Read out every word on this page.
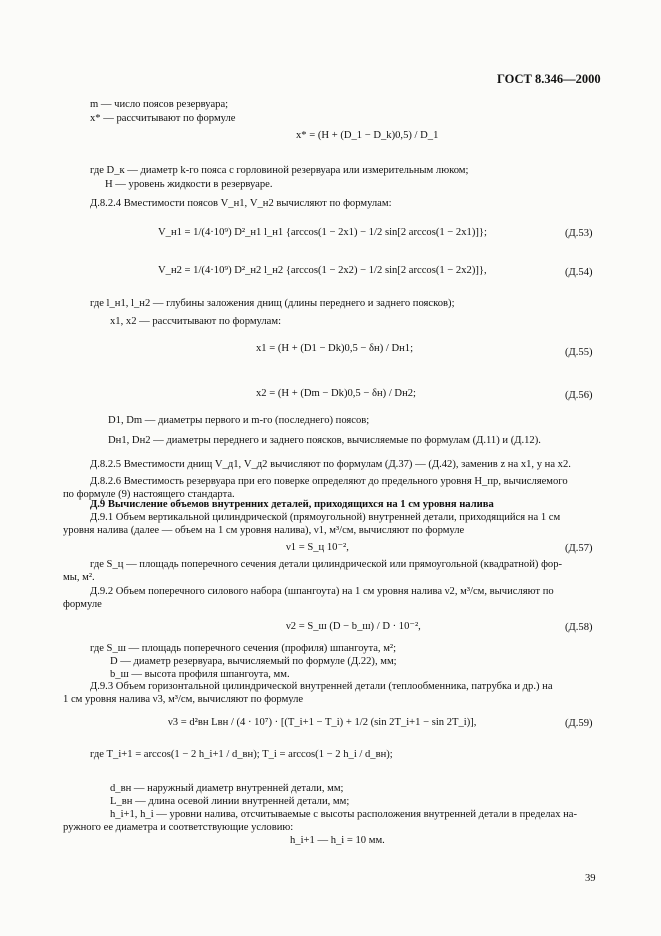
ГОСТ 8.346—2000
m — число поясов резервуара;
x* — рассчитывают по формуле
x* = (H + (D_1 − D_k)0,5) / D_1
где D_к — диаметр k-го пояса с горловиной резервуара или измерительным люком;
H — уровень жидкости в резервуаре.
Д.8.2.4 Вместимости поясов V_н1, V_н2 вычисляют по формулам:
V_н1 = 1/(4·10⁹) D²_н1 l_н1 {arccos(1 − 2x1) − 1/2 sin[2 arccos(1 − 2x1)]};	(Д.53)
V_н2 = 1/(4·10⁹) D²_н2 l_н2 {arccos(1 − 2x2) − 1/2 sin[2 arccos(1 − 2x2)]},	(Д.54)
где l_н1, l_н2 — глубины заложения днищ (длины переднего и заднего поясков);
x1, x2 — рассчитывают по формулам:
x1 = (H + (D1 − Dk)0,5 − δн) / Dн1;	(Д.55)
x2 = (H + (Dm − Dk)0,5 − δн) / Dн2;	(Д.56)
D1, Dm — диаметры первого и m-го (последнего) поясов;
Dн1, Dн2 — диаметры переднего и заднего поясков, вычисляемые по формулам (Д.11) и (Д.12).
Д.8.2.5 Вместимости днищ V_д1, V_д2 вычисляют по формулам (Д.37) — (Д.42), заменив z на x1, y на x2.
Д.8.2.6 Вместимость резервуара при его поверке определяют до предельного уровня H_пр, вычисляемого
по формуле (9) настоящего стандарта.
Д.9 Вычисление объемов внутренних деталей, приходящихся на 1 см уровня налива
Д.9.1 Объем вертикальной цилиндрической (прямоугольной) внутренней детали, приходящийся на 1 см
уровня налива (далее — объем на 1 см уровня налива), ν1, м³/см, вычисляют по формуле
ν1 = S_ц 10⁻²,	(Д.57)
где S_ц — площадь поперечного сечения детали цилиндрической или прямоугольной (квадратной) фор-
мы, м².
Д.9.2 Объем поперечного силового набора (шпангоута) на 1 см уровня налива ν2, м³/см, вычисляют по
формуле
ν2 = S_ш (D − b_ш) / D · 10⁻²,	(Д.58)
где S_ш — площадь поперечного сечения (профиля) шпангоута, м²;
D — диаметр резервуара, вычисляемый по формуле (Д.22), мм;
b_ш — высота профиля шпангоута, мм.
Д.9.3 Объем горизонтальной цилиндрической внутренней детали (теплообменника, патрубка и др.) на
1 см уровня налива ν3, м³/см, вычисляют по формуле
ν3 = d²вн Lвн / (4 · 10⁷) · [(T_i+1 − T_i) + 1/2 (sin 2T_i+1 − sin 2T_i)],	(Д.59)
где T_i+1 = arccos(1 − 2 h_i+1 / d_вн); T_i = arccos(1 − 2 h_i / d_вн);
d_вн — наружный диаметр внутренней детали, мм;
L_вн — длина осевой линии внутренней детали, мм;
h_i+1, h_i — уровни налива, отсчитываемые с высоты расположения внутренней детали в пределах на-
ружного ее диаметра и соответствующие условию:
h_i+1 — h_i = 10 мм.
39
